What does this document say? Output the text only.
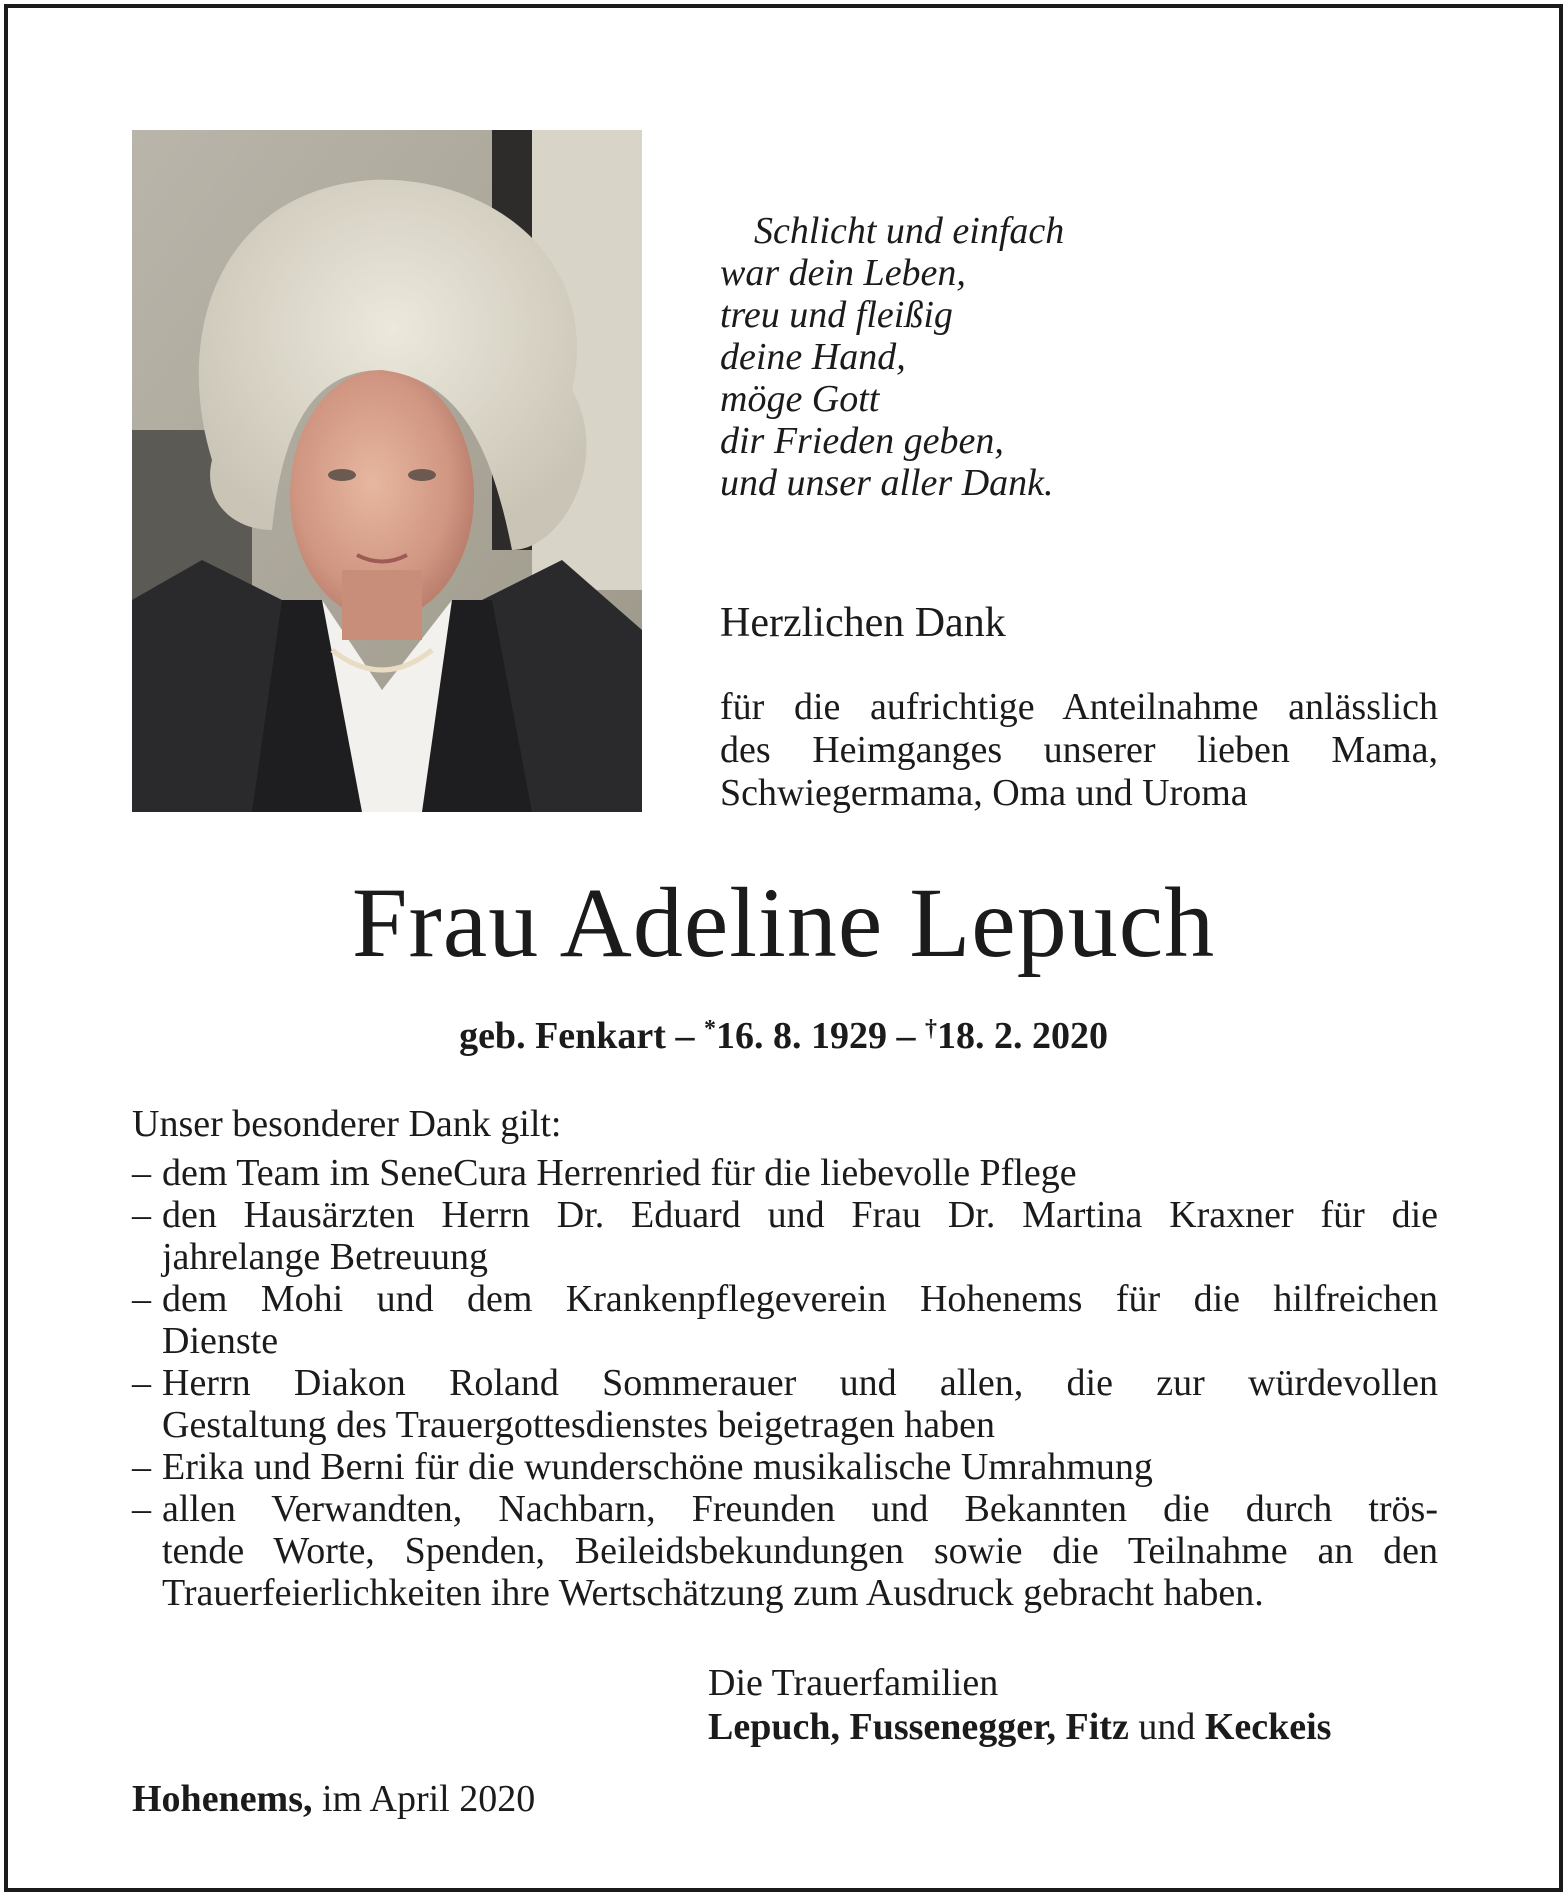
Schlicht und einfach
war dein Leben,
treu und fleißig
deine Hand,
möge Gott
dir Frieden geben,
und unser aller Dank.
Herzlichen Dank
für die aufrichtige Anteilnahme anlässlich
des Heimganges unserer lieben Mama,
Schwiegermama, Oma und Uroma
Frau Adeline Lepuch
geb. Fenkart – *16. 8. 1929 – †18. 2. 2020
Unser besonderer Dank gilt:
– dem Team im SeneCura Herrenried für die liebevolle Pflege
– den Hausärzten Herrn Dr. Eduard und Frau Dr. Martina Kraxner für die
jahrelange Betreuung
– dem Mohi und dem Krankenpflegeverein Hohenems für die hilfreichen
Dienste
– Herrn Diakon Roland Sommerauer und allen, die zur würdevollen
Gestaltung des Trauergottesdienstes beigetragen haben
– Erika und Berni für die wunderschöne musikalische Umrahmung
– allen Verwandten, Nachbarn, Freunden und Bekannten die durch trös-
tende Worte, Spenden, Beileidsbekundungen sowie die Teilnahme an den
Trauerfeierlichkeiten ihre Wertschätzung zum Ausdruck gebracht haben.
Die Trauerfamilien
Lepuch, Fussenegger, Fitz und Keckeis
Hohenems, im April 2020
